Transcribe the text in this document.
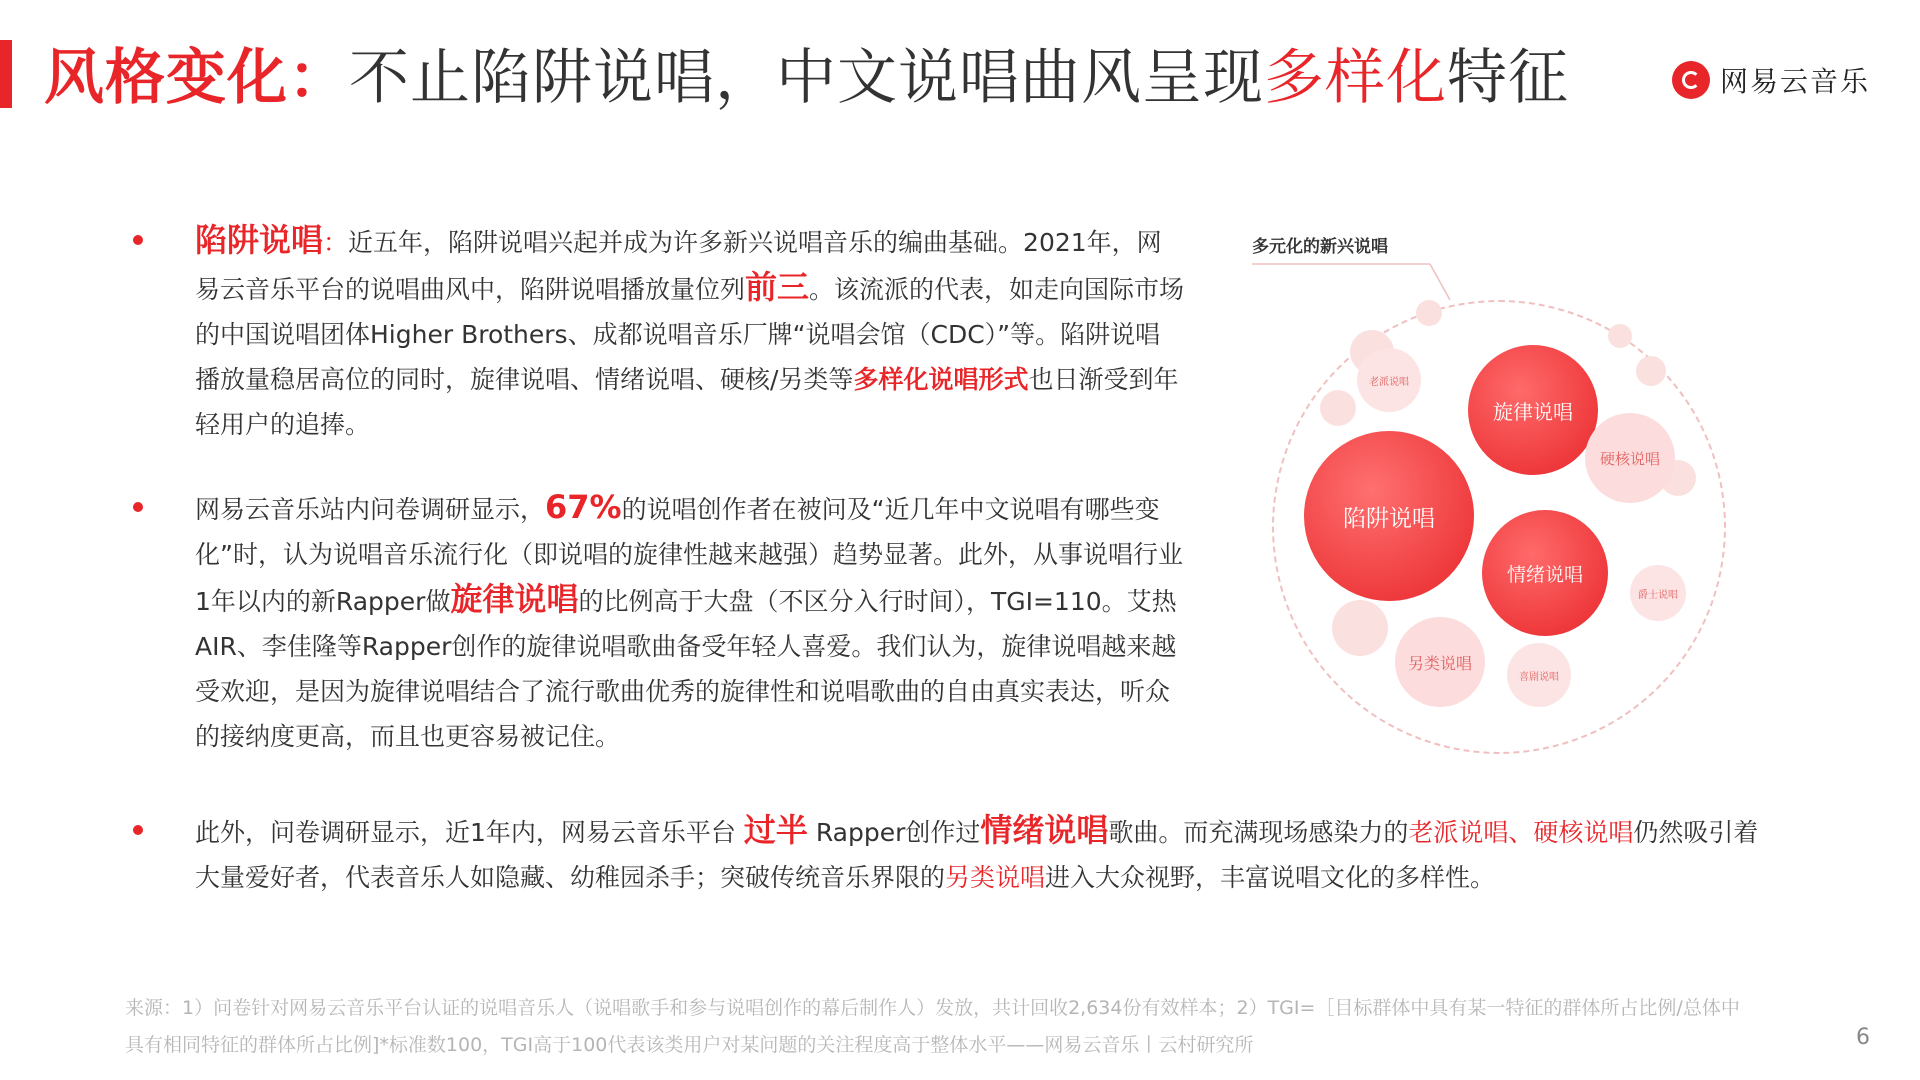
风格变化：不止陷阱说唱，中文说唱曲风呈现多样化特征	网易云音乐
陷阱说唱：近五年，陷阱说唱兴起并成为许多新兴说唱音乐的编曲基础。2021年，网易云音乐平台的说唱曲风中，陷阱说唱播放量位列前三。该流派的代表，如走向国际市场的中国说唱团体Higher Brothers、成都说唱音乐厂牌“说唱会馆（CDC）”等。陷阱说唱播放量稳居高位的同时，旋律说唱、情绪说唱、硬核/另类等多样化说唱形式也日渐受到年轻用户的追捧。
网易云音乐站内问卷调研显示，67%的说唱创作者在被问及“近几年中文说唱有哪些变化”时，认为说唱音乐流行化（即说唱的旋律性越来越强）趋势显著。此外，从事说唱行业1年以内的新Rapper做旋律说唱的比例高于大盘（不区分入行时间），TGI=110。艾热AIR、李佳隆等Rapper创作的旋律说唱歌曲备受年轻人喜爱。我们认为，旋律说唱越来越受欢迎，是因为旋律说唱结合了流行歌曲优秀的旋律性和说唱歌曲的自由真实表达，听众的接纳度更高，而且也更容易被记住。
此外，问卷调研显示，近1年内，网易云音乐平台 过半 Rapper创作过情绪说唱歌曲。而充满现场感染力的老派说唱、硬核说唱仍然吸引着大量爱好者，代表音乐人如隐藏、幼稚园杀手；突破传统音乐界限的另类说唱进入大众视野，丰富说唱文化的多样性。
多元化的新兴说唱
老派说唱
旋律说唱
硬核说唱
陷阱说唱
情绪说唱
爵士说唱
另类说唱
喜剧说唱
来源：1）问卷针对网易云音乐平台认证的说唱音乐人（说唱歌手和参与说唱创作的幕后制作人）发放，共计回收2,634份有效样本；2）TGI=［目标群体中具有某一特征的群体所占比例/总体中具有相同特征的群体所占比例]*标准数100，TGI高于100代表该类用户对某问题的关注程度高于整体水平——网易云音乐丨云村研究所	6
